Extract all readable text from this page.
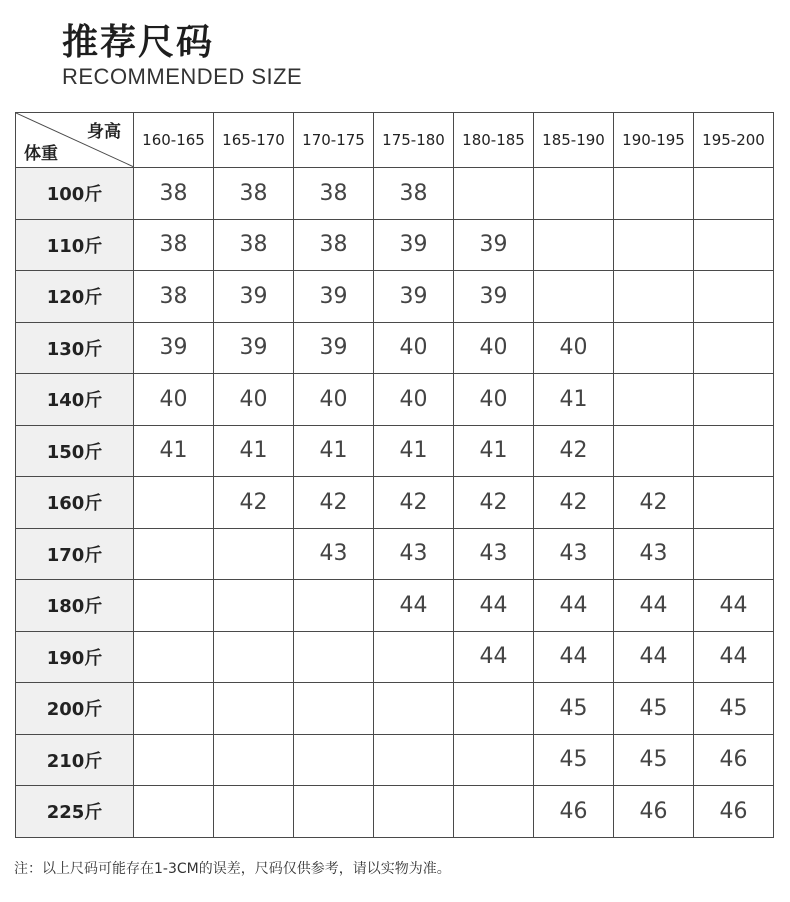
推荐尺码
RECOMMENDED SIZE
身高
体重	160-165	165-170	170-175	175-180	180-185	185-190	190-195	195-200
100斤	38	38	38	38				
110斤	38	38	38	39	39			
120斤	38	39	39	39	39			
130斤	39	39	39	40	40	40		
140斤	40	40	40	40	40	41		
150斤	41	41	41	41	41	42		
160斤		42	42	42	42	42	42	
170斤			43	43	43	43	43	
180斤				44	44	44	44	44
190斤					44	44	44	44
200斤						45	45	45
210斤						45	45	46
225斤						46	46	46
注：以上尺码可能存在1-3CM的误差，尺码仅供参考，请以实物为准。
